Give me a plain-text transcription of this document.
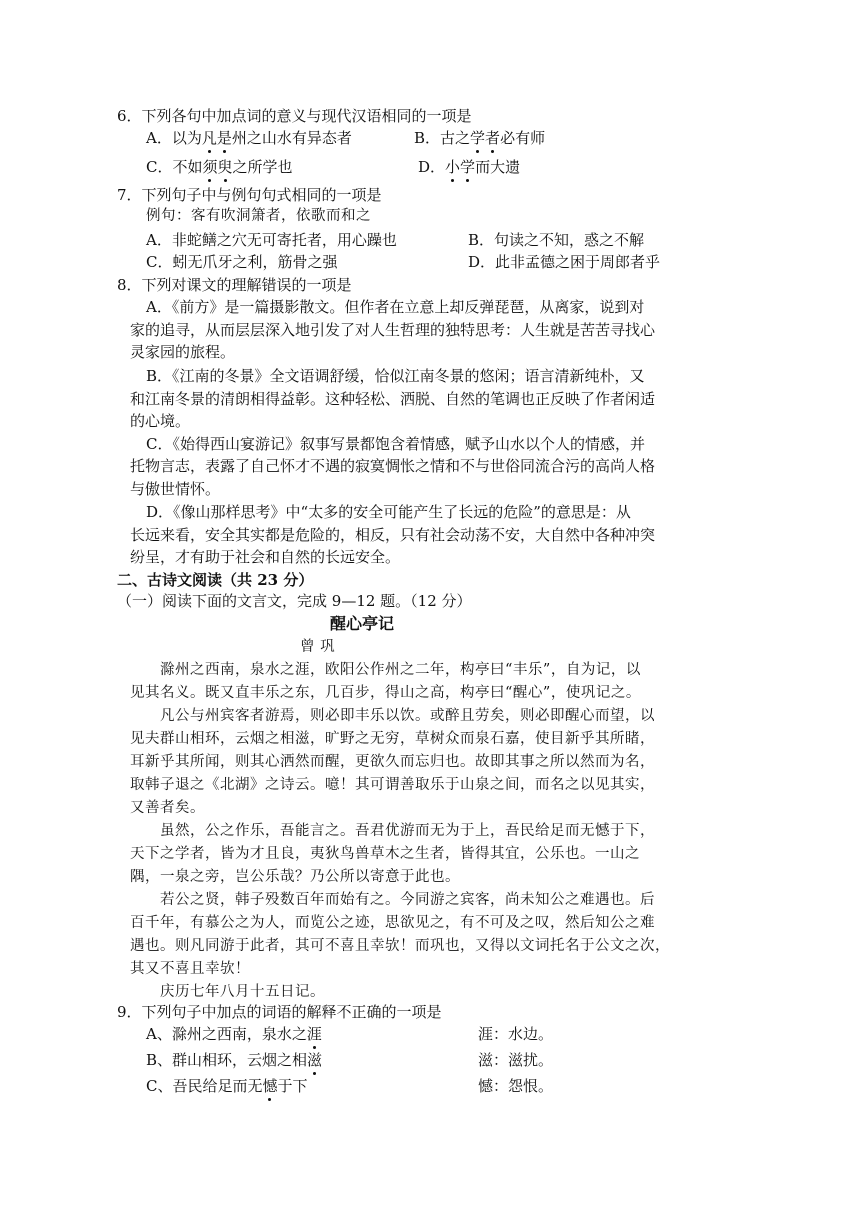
6．下列各句中加点词的意义与现代汉语相同的一项是
A．以为凡是州之山水有异态者	B．古之学者必有师
C．不如须臾之所学也	D．小学而大遗
7．下列句子中与例句句式相同的一项是
例句：客有吹洞箫者，依歌而和之
A．非蛇鳝之穴无可寄托者，用心躁也	B．句读之不知，惑之不解
C．蚓无爪牙之利，筋骨之强	D．此非孟德之困于周郎者乎
8．下列对课文的理解错误的一项是
A．《前方》是一篇摄影散文。但作者在立意上却反弹琵琶，从离家，说到对
家的追寻，从而层层深入地引发了对人生哲理的独特思考：人生就是苦苦寻找心
灵家园的旅程。
B．《江南的冬景》全文语调舒缓，恰似江南冬景的悠闲；语言清新纯朴，又
和江南冬景的清朗相得益彰。这种轻松、洒脱、自然的笔调也正反映了作者闲适
的心境。
C．《始得西山宴游记》叙事写景都饱含着情感，赋予山水以个人的情感，并
托物言志，表露了自己怀才不遇的寂寞惆怅之情和不与世俗同流合污的高尚人格
与傲世情怀。
D．《像山那样思考》中“太多的安全可能产生了长远的危险”的意思是：从
长远来看，安全其实都是危险的，相反，只有社会动荡不安，大自然中各种冲突
纷呈，才有助于社会和自然的长远安全。
二、古诗文阅读（共 23 分）
（一）阅读下面的文言文，完成 9—12 题。（12 分）
醒心亭记
曾 巩
滁州之西南，泉水之涯，欧阳公作州之二年，构亭曰“丰乐”，自为记，以
见其名义。既又直丰乐之东，几百步，得山之高，构亭曰“醒心”，使巩记之。
凡公与州宾客者游焉，则必即丰乐以饮。或醉且劳矣，则必即醒心而望，以
见夫群山相环，云烟之相滋，旷野之无穷，草树众而泉石嘉，使目新乎其所睹，
耳新乎其所闻，则其心洒然而醒，更欲久而忘归也。故即其事之所以然而为名，
取韩子退之《北湖》之诗云。噫！其可谓善取乐于山泉之间，而名之以见其实，
又善者矣。
虽然，公之作乐，吾能言之。吾君优游而无为于上，吾民给足而无憾于下，
天下之学者，皆为才且良，夷狄鸟兽草木之生者，皆得其宜，公乐也。一山之
隅，一泉之旁，岂公乐哉？乃公所以寄意于此也。
若公之贤，韩子殁数百年而始有之。今同游之宾客，尚未知公之难遇也。后
百千年，有慕公之为人，而览公之迹，思欲见之，有不可及之叹，然后知公之难
遇也。则凡同游于此者，其可不喜且幸欤！而巩也，又得以文词托名于公文之次，
其又不喜且幸欤！
庆历七年八月十五日记。
9．下列句子中加点的词语的解释不正确的一项是
A、滁州之西南，泉水之涯	涯：水边。
B、群山相环，云烟之相滋	滋：滋扰。
C、吾民给足而无憾于下	憾：怨恨。
